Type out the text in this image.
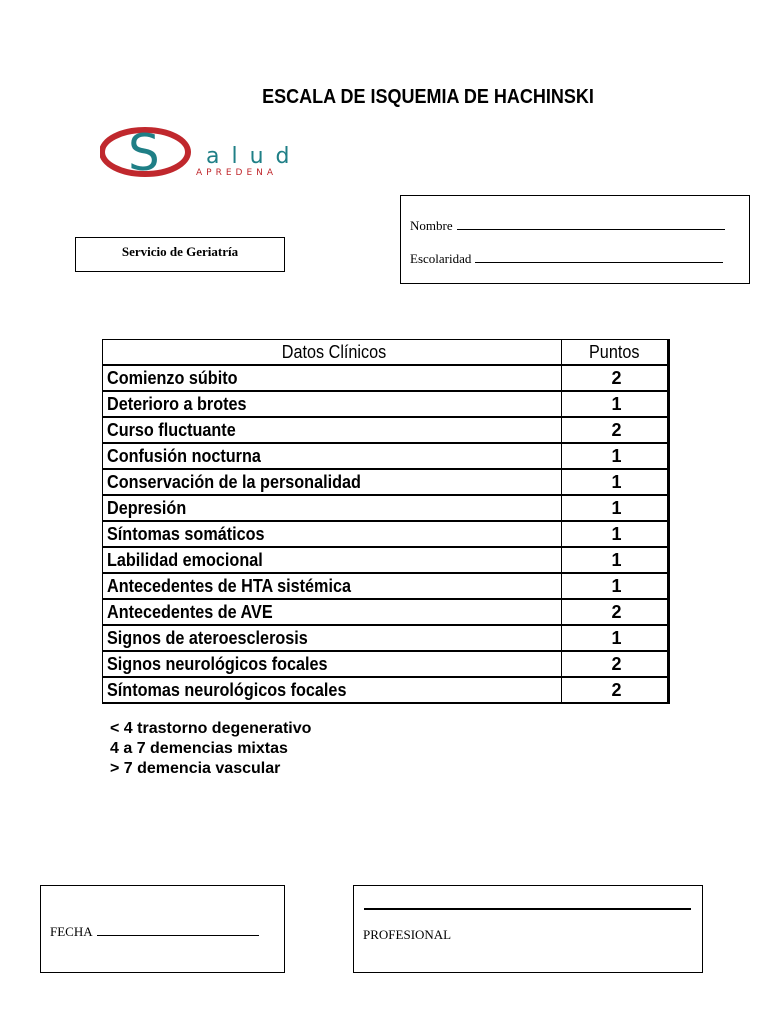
ESCALA DE ISQUEMIA DE HACHINSKI
S alud
APREDENA
Servicio de Geriatría
Nombre
Escolaridad
Datos Clínicos	Puntos
Comienzo súbito	2
Deterioro a brotes	1
Curso fluctuante	2
Confusión nocturna	1
Conservación de la personalidad	1
Depresión	1
Síntomas somáticos	1
Labilidad emocional	1
Antecedentes de HTA sistémica	1
Antecedentes de AVE	2
Signos de ateroesclerosis	1
Signos neurológicos focales	2
Síntomas neurológicos focales	2
< 4 trastorno degenerativo
4 a 7 demencias mixtas
> 7 demencia vascular
FECHA	PROFESIONAL
